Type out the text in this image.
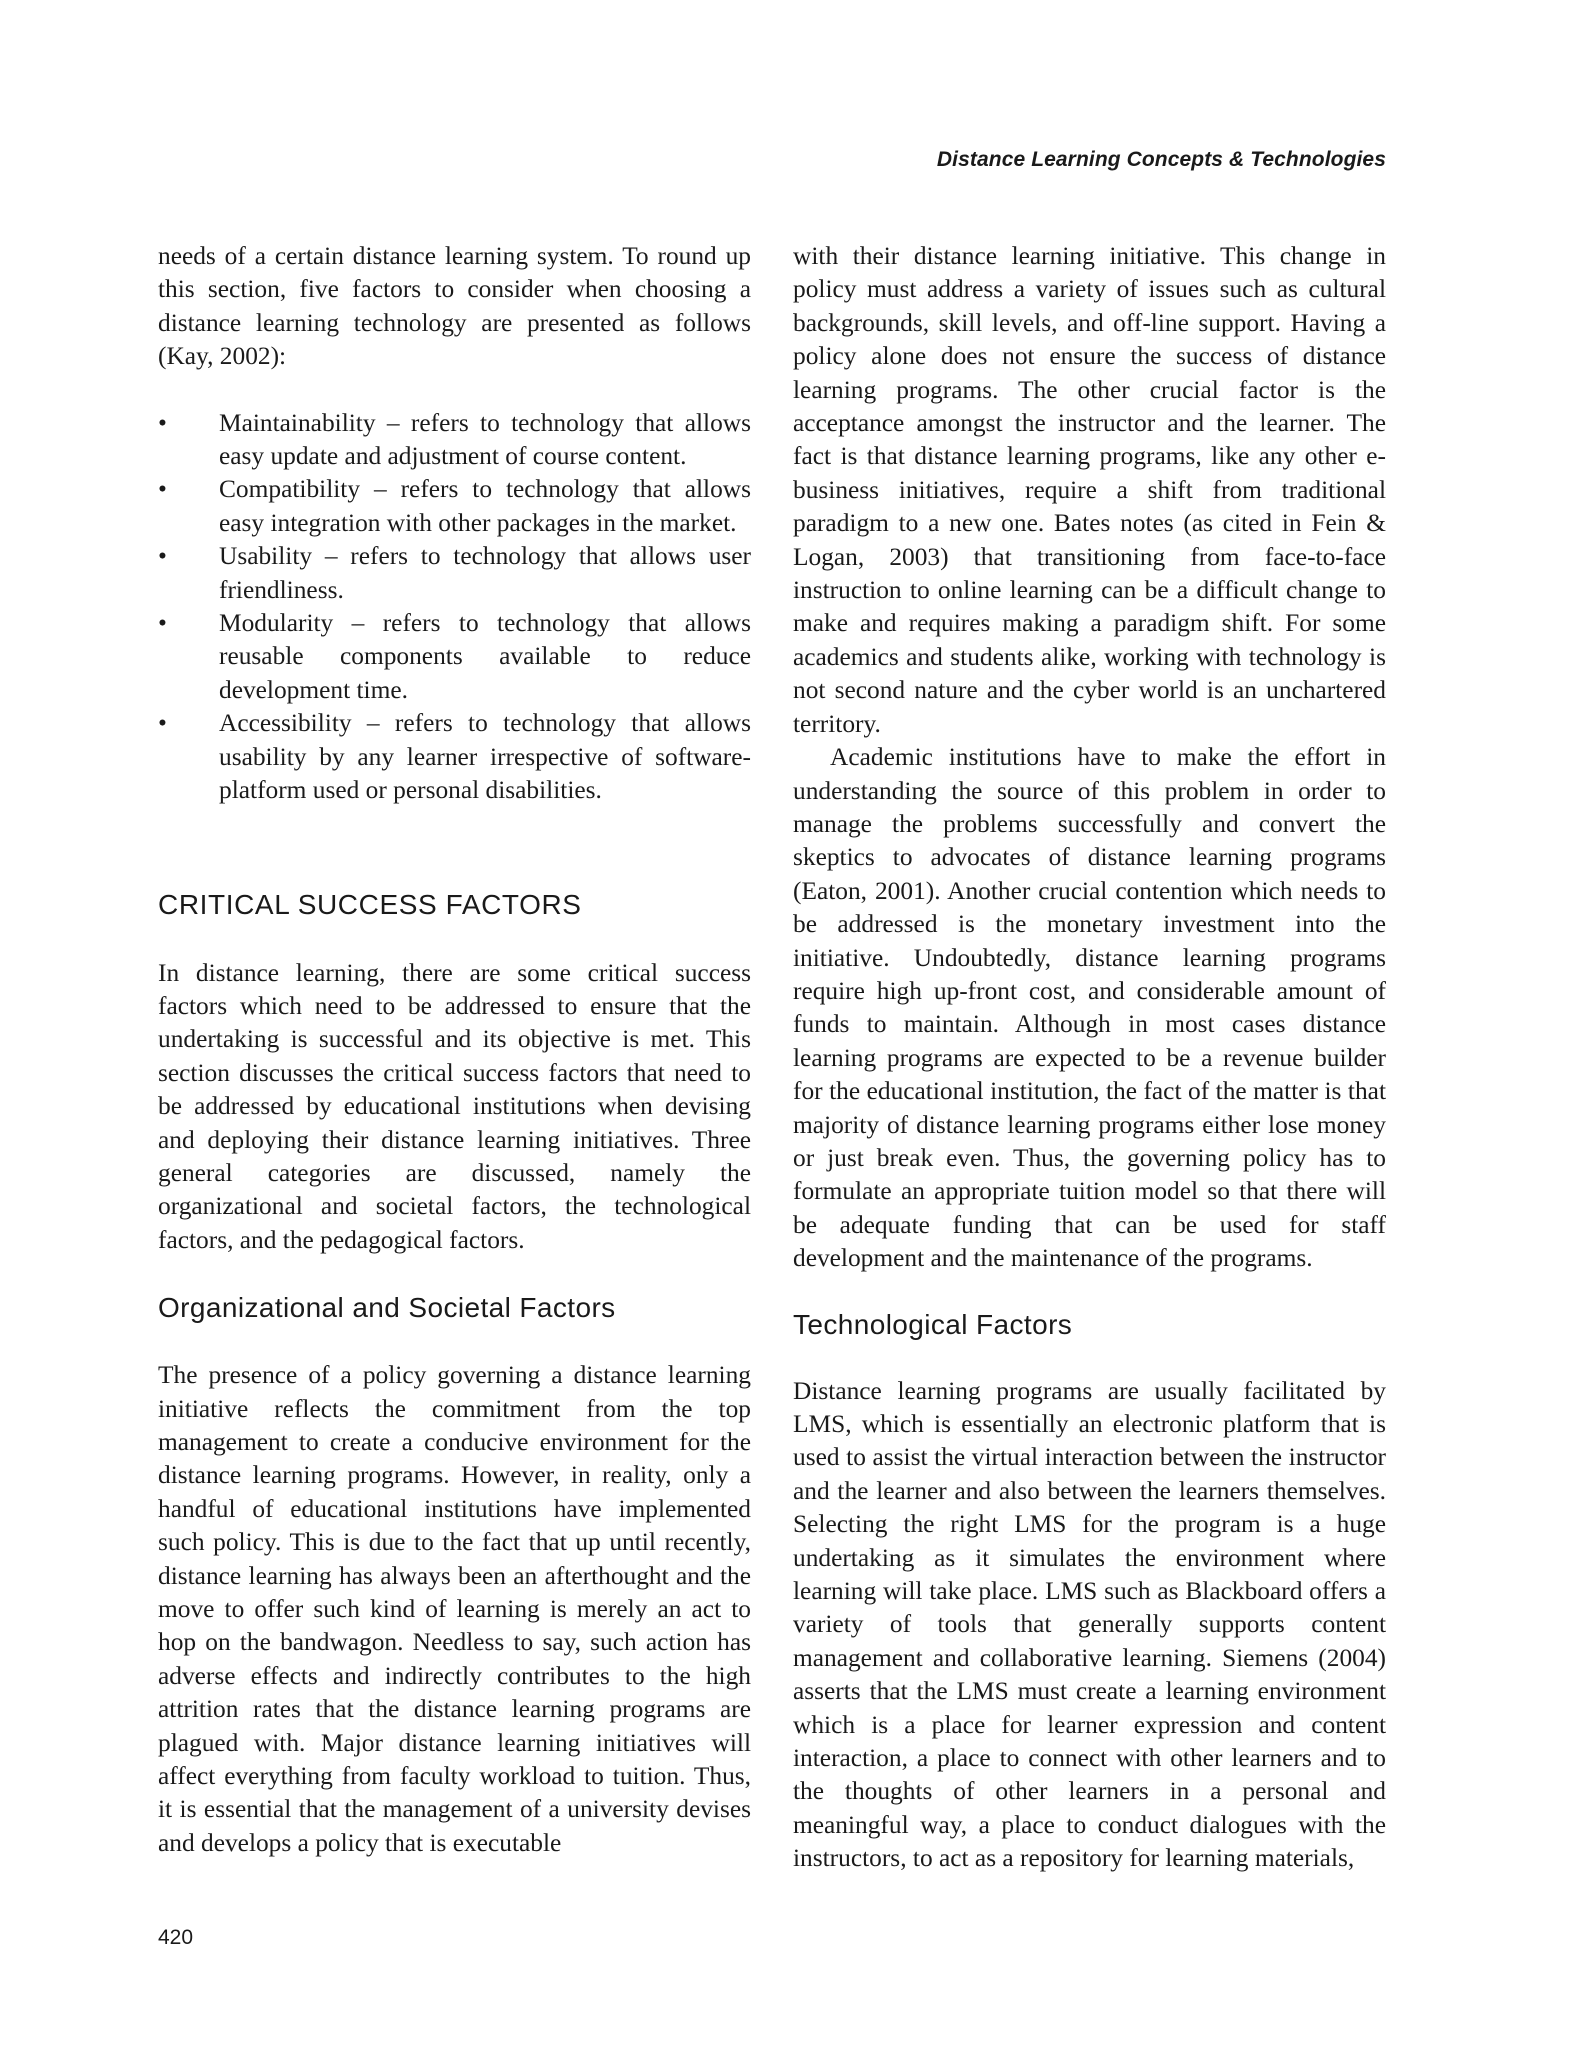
Distance Learning Concepts & Technologies

needs of a certain distance learning system. To round up this section, five factors to consider when choosing a distance learning technology are presented as follows (Kay, 2002):

• Maintainability – refers to technology that allows easy update and adjustment of course content.
• Compatibility – refers to technology that allows easy integration with other packages in the market.
• Usability – refers to technology that allows user friendliness.
• Modularity – refers to technology that allows reusable components available to reduce development time.
• Accessibility – refers to technology that allows usability by any learner irrespective of software-platform used or personal disabilities.
CRITICAL SUCCESS FACTORS

In distance learning, there are some critical success factors which need to be addressed to ensure that the undertaking is successful and its objective is met. This section discusses the critical success factors that need to be addressed by educational institutions when devising and deploying their distance learning initiatives. Three general categories are discussed, namely the organizational and societal factors, the technological factors, and the pedagogical factors.

Organizational and Societal Factors

The presence of a policy governing a distance learning initiative reflects the commitment from the top management to create a conducive environment for the distance learning programs. However, in reality, only a handful of educational institutions have implemented such policy. This is due to the fact that up until recently, distance learning has always been an afterthought and the move to offer such kind of learning is merely an act to hop on the bandwagon. Needless to say, such action has adverse effects and indirectly contributes to the high attrition rates that the distance learning programs are plagued with. Major distance learning initiatives will affect everything from faculty workload to tuition. Thus, it is essential that the management of a university devises and develops a policy that is executable

with their distance learning initiative. This change in policy must address a variety of issues such as cultural backgrounds, skill levels, and off-line support. Having a policy alone does not ensure the success of distance learning programs. The other crucial factor is the acceptance amongst the instructor and the learner. The fact is that distance learning programs, like any other e-business initiatives, require a shift from traditional paradigm to a new one. Bates notes (as cited in Fein & Logan, 2003) that transitioning from face-to-face instruction to online learning can be a difficult change to make and requires making a paradigm shift. For some academics and students alike, working with technology is not second nature and the cyber world is an unchartered territory.

Academic institutions have to make the effort in understanding the source of this problem in order to manage the problems successfully and convert the skeptics to advocates of distance learning programs (Eaton, 2001). Another crucial contention which needs to be addressed is the monetary investment into the initiative. Undoubtedly, distance learning programs require high up-front cost, and considerable amount of funds to maintain. Although in most cases distance learning programs are expected to be a revenue builder for the educational institution, the fact of the matter is that majority of distance learning programs either lose money or just break even. Thus, the governing policy has to formulate an appropriate tuition model so that there will be adequate funding that can be used for staff development and the maintenance of the programs.

Technological Factors

Distance learning programs are usually facilitated by LMS, which is essentially an electronic platform that is used to assist the virtual interaction between the instructor and the learner and also between the learners themselves. Selecting the right LMS for the program is a huge undertaking as it simulates the environment where learning will take place. LMS such as Blackboard offers a variety of tools that generally supports content management and collaborative learning. Siemens (2004) asserts that the LMS must create a learning environment which is a place for learner expression and content interaction, a place to connect with other learners and to the thoughts of other learners in a personal and meaningful way, a place to conduct dialogues with the instructors, to act as a repository for learning materials,

420
